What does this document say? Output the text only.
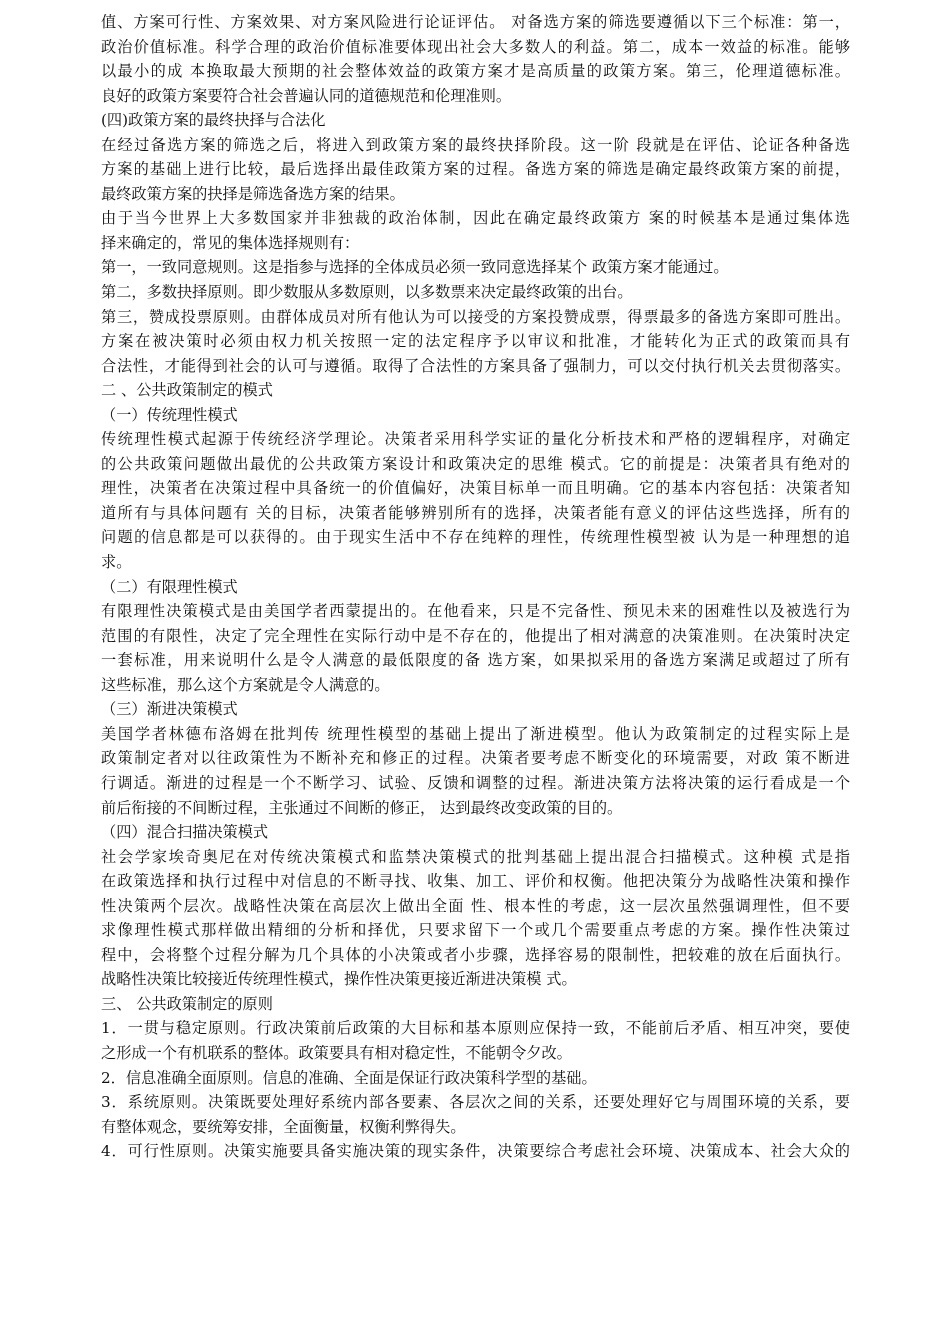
值、方案可行性、方案效果、对方案风险进行论证评估。 对备选方案的筛选要遵循以下三个标准：第一，
政治价值标准。科学合理的政治价值标准要体现出社会大多数人的利益。第二，成本一效益的标准。能够
以最小的成 本换取最大预期的社会整体效益的政策方案才是高质量的政策方案。第三，伦理道德标准。
良好的政策方案要符合社会普遍认同的道德规范和伦理准则。
(四)政策方案的最终抉择与合法化
在经过备选方案的筛选之后，将进入到政策方案的最终抉择阶段。这一阶 段就是在评估、论证各种备选
方案的基础上进行比较，最后选择出最佳政策方案的过程。备选方案的筛选是确定最终政策方案的前提，
最终政策方案的抉择是筛选备选方案的结果。
由于当今世界上大多数国家并非独裁的政治体制，因此在确定最终政策方 案的时候基本是通过集体选
择来确定的，常见的集体选择规则有：
第一，一致同意规则。这是指参与选择的全体成员必须一致同意选择某个 政策方案才能通过。
第二，多数抉择原则。即少数服从多数原则，以多数票来决定最终政策的出台。
第三，赞成投票原则。由群体成员对所有他认为可以接受的方案投赞成票，得票最多的备选方案即可胜出。
方案在被决策时必须由权力机关按照一定的法定程序予以审议和批准，才能转化为正式的政策而具有
合法性，才能得到社会的认可与遵循。取得了合法性的方案具备了强制力，可以交付执行机关去贯彻落实。
二 、公共政策制定的模式
（一）传统理性模式
传统理性模式起源于传统经济学理论。决策者采用科学实证的量化分析技术和严格的逻辑程序，对确定
的公共政策问题做出最优的公共政策方案设计和政策决定的思维 模式。它的前提是：决策者具有绝对的
理性，决策者在决策过程中具备统一的价值偏好，决策目标单一而且明确。它的基本内容包括：决策者知
道所有与具体问题有 关的目标，决策者能够辨别所有的选择，决策者能有意义的评估这些选择，所有的
问题的信息都是可以获得的。由于现实生活中不存在纯粹的理性，传统理性模型被 认为是一种理想的追
求。
（二）有限理性模式
有限理性决策模式是由美国学者西蒙提出的。在他看来，只是不完备性、预见未来的困难性以及被选行为
范围的有限性，决定了完全理性在实际行动中是不存在的，他提出了相对满意的决策准则。在决策时决定
一套标准，用来说明什么是令人满意的最低限度的备 选方案，如果拟采用的备选方案满足或超过了所有
这些标准，那么这个方案就是令人满意的。
（三）渐进决策模式
美国学者林德布洛姆在批判传 统理性模型的基础上提出了渐进模型。他认为政策制定的过程实际上是
政策制定者对以往政策性为不断补充和修正的过程。决策者要考虑不断变化的环境需要，对政 策不断进
行调适。渐进的过程是一个不断学习、试验、反馈和调整的过程。渐进决策方法将决策的运行看成是一个
前后衔接的不间断过程，主张通过不间断的修正， 达到最终改变政策的目的。
（四）混合扫描决策模式
社会学家埃奇奥尼在对传统决策模式和监禁决策模式的批判基础上提出混合扫描模式。这种模 式是指
在政策选择和执行过程中对信息的不断寻找、收集、加工、评价和权衡。他把决策分为战略性决策和操作
性决策两个层次。战略性决策在高层次上做出全面 性、根本性的考虑，这一层次虽然强调理性，但不要
求像理性模式那样做出精细的分析和择优，只要求留下一个或几个需要重点考虑的方案。操作性决策过
程中，会将整个过程分解为几个具体的小决策或者小步骤，选择容易的限制性，把较难的放在后面执行。
战略性决策比较接近传统理性模式，操作性决策更接近渐进决策模 式。
三、 公共政策制定的原则
1．一贯与稳定原则。行政决策前后政策的大目标和基本原则应保持一致，不能前后矛盾、相互冲突，要使
之形成一个有机联系的整体。政策要具有相对稳定性，不能朝令夕改。
2．信息准确全面原则。信息的准确、全面是保证行政决策科学型的基础。
3．系统原则。决策既要处理好系统内部各要素、各层次之间的关系，还要处理好它与周围环境的关系，要
有整体观念，要统筹安排，全面衡量，权衡利弊得失。
4．可行性原则。决策实施要具备实施决策的现实条件，决策要综合考虑社会环境、决策成本、社会大众的
